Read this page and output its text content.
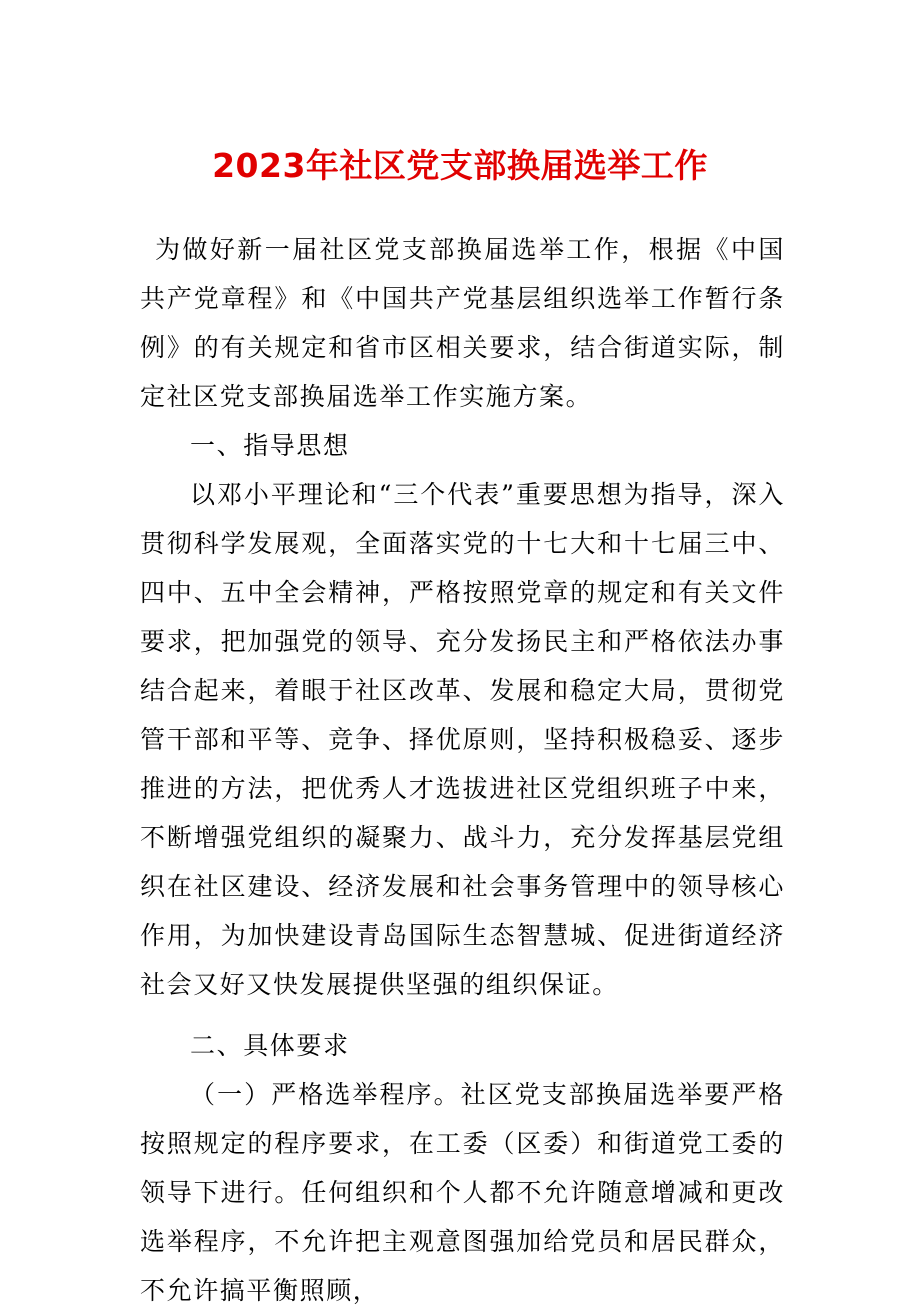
2023年社区党支部换届选举工作

为做好新一届社区党支部换届选举工作，根据《中国共产党章程》和《中国共产党基层组织选举工作暂行条例》的有关规定和省市区相关要求，结合街道实际，制定社区党支部换届选举工作实施方案。

一、指导思想

以邓小平理论和“三个代表”重要思想为指导，深入贯彻科学发展观，全面落实党的十七大和十七届三中、四中、五中全会精神，严格按照党章的规定和有关文件要求，把加强党的领导、充分发扬民主和严格依法办事结合起来，着眼于社区改革、发展和稳定大局，贯彻党管干部和平等、竞争、择优原则，坚持积极稳妥、逐步推进的方法，把优秀人才选拔进社区党组织班子中来，不断增强党组织的凝聚力、战斗力，充分发挥基层党组织在社区建设、经济发展和社会事务管理中的领导核心作用，为加快建设青岛国际生态智慧城、促进街道经济社会又好又快发展提供坚强的组织保证。

二、具体要求

（一）严格选举程序。社区党支部换届选举要严格按照规定的程序要求，在工委（区委）和街道党工委的领导下进行。任何组织和个人都不允许随意增减和更改选举程序，不允许把主观意图强加给党员和居民群众，不允许搞平衡照顾，
